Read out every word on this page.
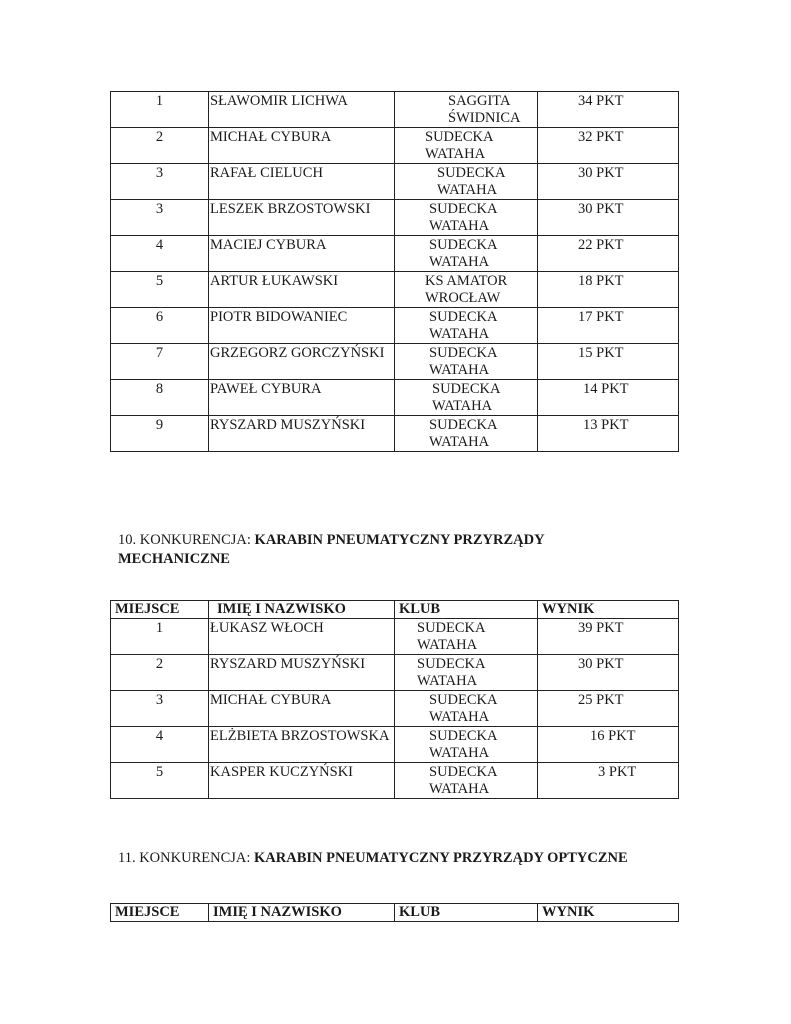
1	SŁAWOMIR LICHWA	SAGGITA ŚWIDNICA	34 PKT
2	MICHAŁ CYBURA	SUDECKA WATAHA	32 PKT
3	RAFAŁ CIELUCH	SUDECKA WATAHA	30 PKT
3	LESZEK BRZOSTOWSKI	SUDECKA WATAHA	30 PKT
4	MACIEJ CYBURA	SUDECKA WATAHA	22 PKT
5	ARTUR ŁUKAWSKI	KS AMATOR WROCŁAW	18 PKT
6	PIOTR BIDOWANIEC	SUDECKA WATAHA	17 PKT
7	GRZEGORZ GORCZYŃSKI	SUDECKA WATAHA	15 PKT
8	PAWEŁ CYBURA	SUDECKA WATAHA	14 PKT
9	RYSZARD MUSZYŃSKI	SUDECKA WATAHA	13 PKT
10. KONKURENCJA: KARABIN PNEUMATYCZNY PRZYRZĄDY
MECHANICZNE
MIEJSCE	IMIĘ I NAZWISKO	KLUB	WYNIK
1	ŁUKASZ WŁOCH	SUDECKA WATAHA	39 PKT
2	RYSZARD MUSZYŃSKI	SUDECKA WATAHA	30 PKT
3	MICHAŁ CYBURA	SUDECKA WATAHA	25 PKT
4	ELŻBIETA BRZOSTOWSKA	SUDECKA WATAHA	16 PKT
5	KASPER KUCZYŃSKI	SUDECKA WATAHA	3 PKT
11. KONKURENCJA: KARABIN PNEUMATYCZNY PRZYRZĄDY OPTYCZNE
MIEJSCE	IMIĘ I NAZWISKO	KLUB	WYNIK
